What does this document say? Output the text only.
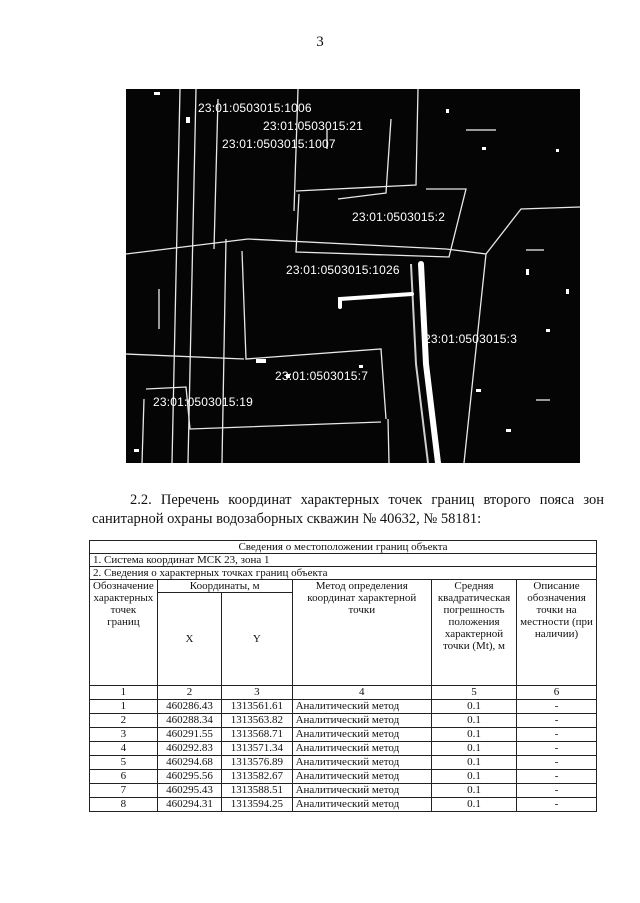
3
23:01:0503015:1006
23:01:0503015:21
23:01:0503015:1007
23:01:0503015:2
23:01:0503015:1026
23:01:0503015:3
23:01:0503015:7
23:01:0503015:19
2.2. Перечень координат характерных точек границ второго пояса зон санитарной охраны водозаборных скважин № 40632, № 58181:
Сведения о местоположении границ объекта					
1. Система координат МСК 23, зона 1					
2. Сведения о характерных точках границ объекта					
Обозначение характерных точек границ	Координаты, м		Метод определения координат характерной точки	Средняя квадратическая погрешность положения характерной точки (Mt), м	Описание обозначения точки на местности (при наличии)
	X	Y			
1	2	3	4	5	6
1	460286.43	1313561.61	Аналитический метод	0.1	-
2	460288.34	1313563.82	Аналитический метод	0.1	-
3	460291.55	1313568.71	Аналитический метод	0.1	-
4	460292.83	1313571.34	Аналитический метод	0.1	-
5	460294.68	1313576.89	Аналитический метод	0.1	-
6	460295.56	1313582.67	Аналитический метод	0.1	-
7	460295.43	1313588.51	Аналитический метод	0.1	-
8	460294.31	1313594.25	Аналитический метод	0.1	-
